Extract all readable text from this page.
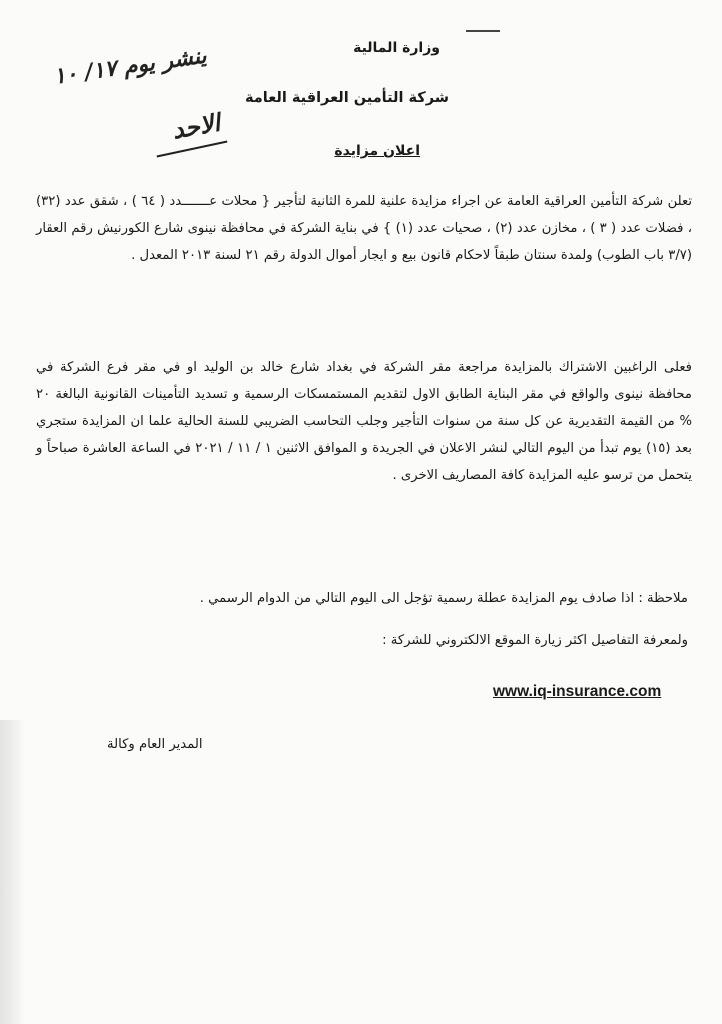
وزارة المالية
شركة التأمين العراقية العامة
اعلان مزايدة
ينشر يوم ١٧/ ١٠
الاحد
تعلن شركة التأمين العراقية العامة عن اجراء مزايدة علنية للمرة الثانية لتأجير { محلات عـــــــدد ( ٦٤ ) ، شقق عدد (٣٢) ، فضلات عدد ( ٣ ) ، مخازن عدد (٢) ، صحيات عدد (١) } في بناية الشركة في محافظة نينوى شارع الكورنيش رقم العقار (٣/٧ باب الطوب) ولمدة سنتان طبقاً لاحكام قانون بيع و ايجار أموال الدولة رقم ٢١ لسنة ٢٠١٣ المعدل .
فعلى الراغبين الاشتراك بالمزايدة مراجعة مقر الشركة في بغداد شارع خالد بن الوليد او في مقر فرع الشركة في محافظة نينوى والواقع في مقر البناية الطابق الاول لتقديم المستمسكات الرسمية و تسديد التأمينات القانونية البالغة ٢٠ % من القيمة التقديرية عن كل سنة من سنوات التأجير وجلب التحاسب الضريبي للسنة الحالية علما ان المزايدة ستجري بعد (١٥) يوم تبدأ من اليوم التالي لنشر الاعلان في الجريدة و الموافق الاثنين ١ / ١١ / ٢٠٢١ في الساعة العاشرة صباحاً و يتحمل من ترسو عليه المزايدة كافة المصاريف الاخرى .
ملاحظة : اذا صادف يوم المزايدة عطلة رسمية تؤجل الى اليوم التالي من الدوام الرسمي .
ولمعرفة التفاصيل اكثر زيارة الموقع الالكتروني للشركة :
www.iq-insurance.com
المدير العام وكالة
